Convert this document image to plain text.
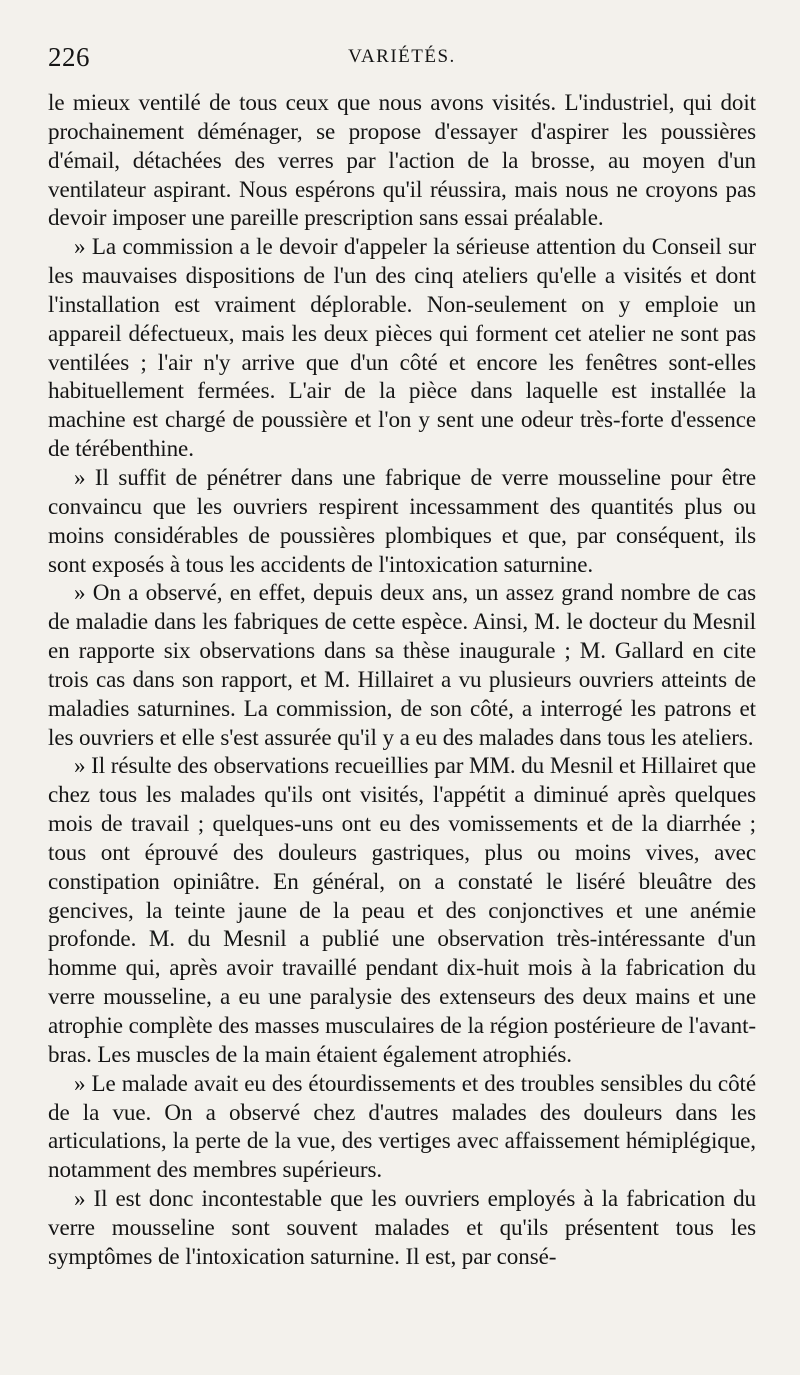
226	VARIÉTÉS.

le mieux ventilé de tous ceux que nous avons visités. L'industriel, qui doit prochainement déménager, se propose d'essayer d'aspirer les poussières d'émail, détachées des verres par l'action de la brosse, au moyen d'un ventilateur aspirant. Nous espérons qu'il réussira, mais nous ne croyons pas devoir imposer une pareille prescription sans essai préalable.

» La commission a le devoir d'appeler la sérieuse attention du Conseil sur les mauvaises dispositions de l'un des cinq ateliers qu'elle a visités et dont l'installation est vraiment déplorable. Non-seulement on y emploie un appareil défectueux, mais les deux pièces qui forment cet atelier ne sont pas ventilées ; l'air n'y arrive que d'un côté et encore les fenêtres sont-elles habituellement fermées. L'air de la pièce dans laquelle est installée la machine est chargé de poussière et l'on y sent une odeur très-forte d'essence de térébenthine.

» Il suffit de pénétrer dans une fabrique de verre mousseline pour être convaincu que les ouvriers respirent incessamment des quantités plus ou moins considérables de poussières plombiques et que, par conséquent, ils sont exposés à tous les accidents de l'intoxication saturnine.

» On a observé, en effet, depuis deux ans, un assez grand nombre de cas de maladie dans les fabriques de cette espèce. Ainsi, M. le docteur du Mesnil en rapporte six observations dans sa thèse inaugurale ; M. Gallard en cite trois cas dans son rapport, et M. Hillairet a vu plusieurs ouvriers atteints de maladies saturnines. La commission, de son côté, a interrogé les patrons et les ouvriers et elle s'est assurée qu'il y a eu des malades dans tous les ateliers.

» Il résulte des observations recueillies par MM. du Mesnil et Hillairet que chez tous les malades qu'ils ont visités, l'appétit a diminué après quelques mois de travail ; quelques-uns ont eu des vomissements et de la diarrhée ; tous ont éprouvé des douleurs gastriques, plus ou moins vives, avec constipation opiniâtre. En général, on a constaté le liséré bleuâtre des gencives, la teinte jaune de la peau et des conjonctives et une anémie profonde. M. du Mesnil a publié une observation très-intéressante d'un homme qui, après avoir travaillé pendant dix-huit mois à la fabrication du verre mousseline, a eu une paralysie des extenseurs des deux mains et une atrophie complète des masses musculaires de la région postérieure de l'avant-bras. Les muscles de la main étaient également atrophiés.

» Le malade avait eu des étourdissements et des troubles sensibles du côté de la vue. On a observé chez d'autres malades des douleurs dans les articulations, la perte de la vue, des vertiges avec affaissement hémiplégique, notamment des membres supérieurs.

» Il est donc incontestable que les ouvriers employés à la fabrication du verre mousseline sont souvent malades et qu'ils présentent tous les symptômes de l'intoxication saturnine. Il est, par consé-
